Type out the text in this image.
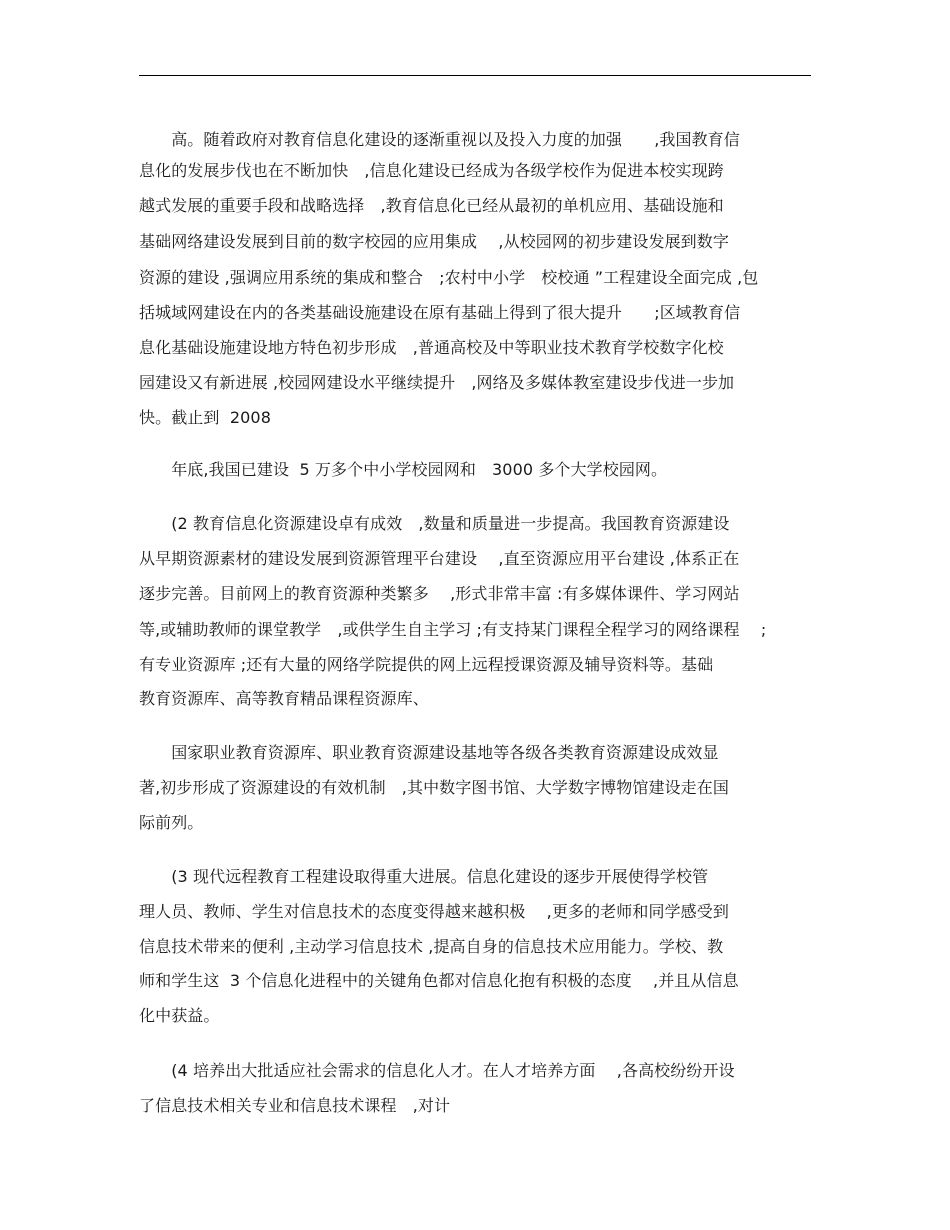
　　高。随着政府对教育信息化建设的逐渐重视以及投入力度的加强　　,我国教育信
息化的发展步伐也在不断加快　,信息化建设已经成为各级学校作为促进本校实现跨
越式发展的重要手段和战略选择　,教育信息化已经从最初的单机应用、基础设施和
基础网络建设发展到目前的数字校园的应用集成　 ,从校园网的初步建设发展到数字
资源的建设 ,强调应用系统的集成和整合　;农村中小学　校校通 ”工程建设全面完成 ,包
括城域网建设在内的各类基础设施建设在原有基础上得到了很大提升　　;区域教育信
息化基础设施建设地方特色初步形成　,普通高校及中等职业技术教育学校数字化校
园建设又有新进展 ,校园网建设水平继续提升　,网络及多媒体教室建设步伐进一步加
快。截止到  2008
　　年底,我国已建设  5 万多个中小学校园网和　3000 多个大学校园网。
　　(2 教育信息化资源建设卓有成效　,数量和质量进一步提高。我国教育资源建设
从早期资源素材的建设发展到资源管理平台建设　 ,直至资源应用平台建设 ,体系正在
逐步完善。目前网上的教育资源种类繁多　 ,形式非常丰富 :有多媒体课件、学习网站
等,或辅助教师的课堂教学　,或供学生自主学习 ;有支持某门课程全程学习的网络课程　 ;
有专业资源库 ;还有大量的网络学院提供的网上远程授课资源及辅导资料等。基础
教育资源库、高等教育精品课程资源库、
　　国家职业教育资源库、职业教育资源建设基地等各级各类教育资源建设成效显
著,初步形成了资源建设的有效机制　,其中数字图书馆、大学数字博物馆建设走在国
际前列。
　　(3 现代远程教育工程建设取得重大进展。信息化建设的逐步开展使得学校管
理人员、教师、学生对信息技术的态度变得越来越积极　 ,更多的老师和同学感受到
信息技术带来的便利 ,主动学习信息技术 ,提高自身的信息技术应用能力。学校、教
师和学生这  3 个信息化进程中的关键角色都对信息化抱有积极的态度　 ,并且从信息
化中获益。
　　(4 培养出大批适应社会需求的信息化人才。在人才培养方面　 ,各高校纷纷开设
了信息技术相关专业和信息技术课程　,对计
